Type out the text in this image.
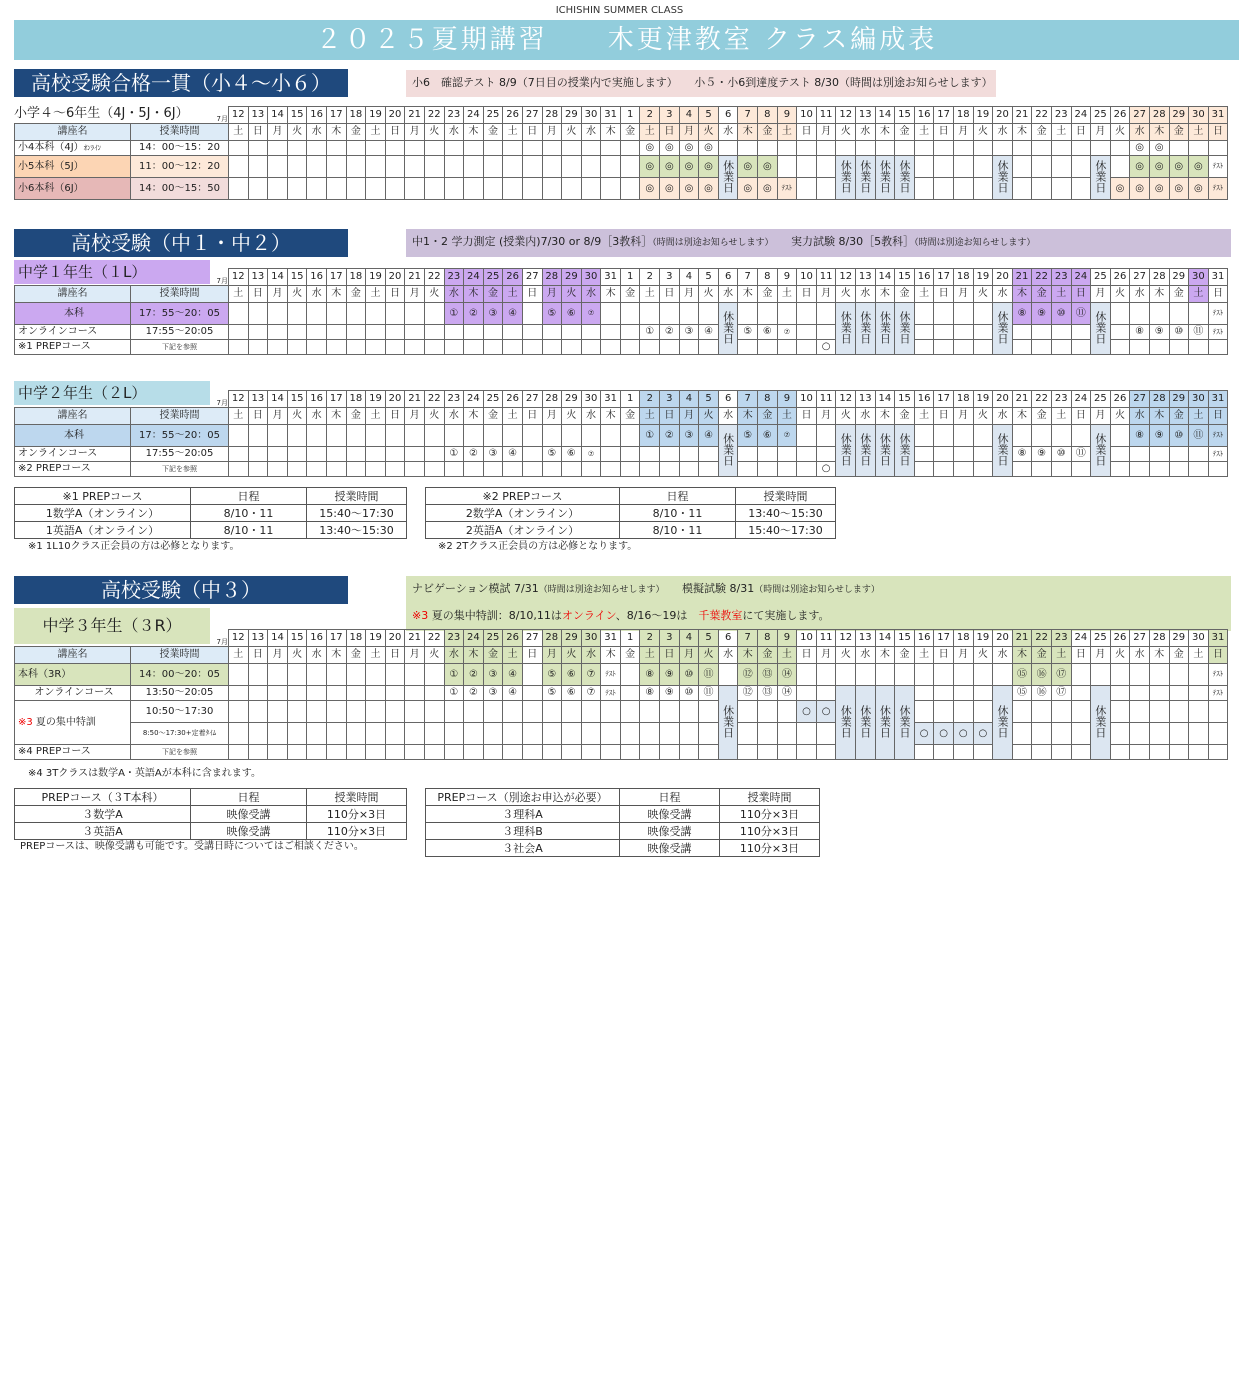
ICHISHIN SUMMER CLASS
２０２５夏期講習 木更津教室 クラス編成表
高校受験合格一貫（小４～小６）	小6　確認テスト 8/9（7日目の授業内で実施します）　　小５・小6到達度テスト 8/30（時間は別途お知らせします）
小学４～6年生（4J・5J・6J）
		7月	12	13	14	15	16	17	18	19	20	21	22	23	24	25	26	27	28	29	30	31	1	2	3	4	5	6	7	8	9	10	11	12	13	14	15	16	17	18	19	20	21	22	23	24	25	26	27	28	29	30	31
講座名	授業時間	土	日	月	火	水	木	金	土	日	月	火	水	木	金	土	日	月	火	水	木	金	土	日	月	火	水	木	金	土	日	月	火	水	木	金	土	日	月	火	水	木	金	土	日	月	火	水	木	金	土	日
小4本科（4J）ｵﾝﾗｲﾝ	14：00～15：20																						◎	◎	◎	◎																						◎	◎			
小5本科（5J）	11：00～12：20																						◎	◎	◎	◎	休業日	◎	◎				休業日	休業日	休業日	休業日					休業日					休業日		◎	◎	◎	◎	ﾃｽﾄ
小6本科（6J）	14：00～15：50																						◎	◎	◎	◎		◎	◎	ﾃｽﾄ																	◎	◎	◎	◎	◎	ﾃｽﾄ
高校受験（中１・中２）	中1・2 学力測定 (授業内)7/30 or 8/9［3教科］（時間は別途お知らせします）　　 実力試験 8/30［5教科］（時間は別途お知らせします）
中学１年生（１L）
		7月	12	13	14	15	16	17	18	19	20	21	22	23	24	25	26	27	28	29	30	31	1	2	3	4	5	6	7	8	9	10	11	12	13	14	15	16	17	18	19	20	21	22	23	24	25	26	27	28	29	30	31
講座名	授業時間	土	日	月	火	水	木	金	土	日	月	火	水	木	金	土	日	月	火	水	木	金	土	日	月	火	水	木	金	土	日	月	火	水	木	金	土	日	月	火	水	木	金	土	日	月	火	水	木	金	土	日
本科	17：55～20：05												①	②	③	④		⑤	⑥	⑦							休業日						休業日	休業日	休業日	休業日					休業日	⑧	⑨	⑩	⑪	休業日						ﾃｽﾄ
オンラインコース	17:55～20:05																						①	②	③	④		⑤	⑥	⑦																		⑧	⑨	⑩	⑪	ﾃｽﾄ
※1 PREPコース	下記を参照																															○																				
中学２年生（２L）
	7月	12	13	14	15	16	17	18	19	20	21	22	23	24	25	26	27	28	29	30	31	1	2	3	4	5	6	7	8	9	10	11	12	13	14	15	16	17	18	19	20	21	22	23	24	25	26	27	28	29	30	31
講座名	授業時間	土	日	月	火	水	木	金	土	日	月	火	水	木	金	土	日	月	火	水	木	金	土	日	月	火	水	木	金	土	日	月	火	水	木	金	土	日	月	火	水	木	金	土	日	月	火	水	木	金	土	日
本科	17：55～20：05																						①	②	③	④	休業日	⑤	⑥	⑦			休業日	休業日	休業日	休業日					休業日					休業日		⑧	⑨	⑩	⑪	ﾃｽﾄ
オンラインコース	17:55～20:05												①	②	③	④		⑤	⑥	⑦																						⑧	⑨	⑩	⑪							ﾃｽﾄ
※2 PREPコース	下記を参照																															○																				
※1 PREPコース	日程	授業時間
1数学A（オンライン）	8/10・11	15:40～17:30
1英語A（オンライン）	8/10・11	13:40～15:30
※1 1L10クラス正会員の方は必修となります。
※2 PREPコース	日程	授業時間
2数学A（オンライン）	8/10・11	13:40～15:30
2英語A（オンライン）	8/10・11	15:40～17:30
※2 2Tクラス正会員の方は必修となります。
高校受験（中３）	ナビゲーション模試 7/31（時間は別途お知らせします）　　 模擬試験 8/31（時間は別途お知らせします）
※3 夏の集中特訓：8/10,11はオンライン、8/16～19は　千葉教室にて実施します。
中学３年生（３R）
	7月	12	13	14	15	16	17	18	19	20	21	22	23	24	25	26	27	28	29	30	31	1	2	3	4	5	6	7	8	9	10	11	12	13	14	15	16	17	18	19	20	21	22	23	24	25	26	27	28	29	30	31
講座名	授業時間	土	日	月	火	水	木	金	土	日	月	火	水	木	金	土	日	月	火	水	木	金	土	日	月	火	水	木	金	土	日	月	火	水	木	金	土	日	月	火	水	木	金	土	日	月	火	水	木	金	土	日
本科（3R）	14：00～20：05												①	②	③	④		⑤	⑥	⑦	ﾃｽﾄ		⑧	⑨	⑩	⑪		⑫	⑬	⑭												⑮	⑯	⑰								ﾃｽﾄ
オンラインコース	13:50～20:05												①	②	③	④		⑤	⑥	⑦	ﾃｽﾄ		⑧	⑨	⑩	⑪	休業日	⑫	⑬	⑭			休業日	休業日	休業日	休業日					休業日	⑮	⑯	⑰		休業日						ﾃｽﾄ
※3 夏の集中特訓	10:50～17:30																														○	○																				
	8:50～17:30+定着ﾀｲﾑ																																				○	○	○	○												
※4 PREPコース	下記を参照																																																			
※4 3Tクラスは数学A・英語Aが本科に含まれます。
PREPコース（３T本科）	日程	授業時間
３数学A	映像受講	110分×3日
３英語A	映像受講	110分×3日
PREPコースは、映像受講も可能です。受講日時についてはご相談ください。
PREPコース（別途お申込が必要）	日程	授業時間
３理科A	映像受講	110分×3日
３理科B	映像受講	110分×3日
３社会A	映像受講	110分×3日
